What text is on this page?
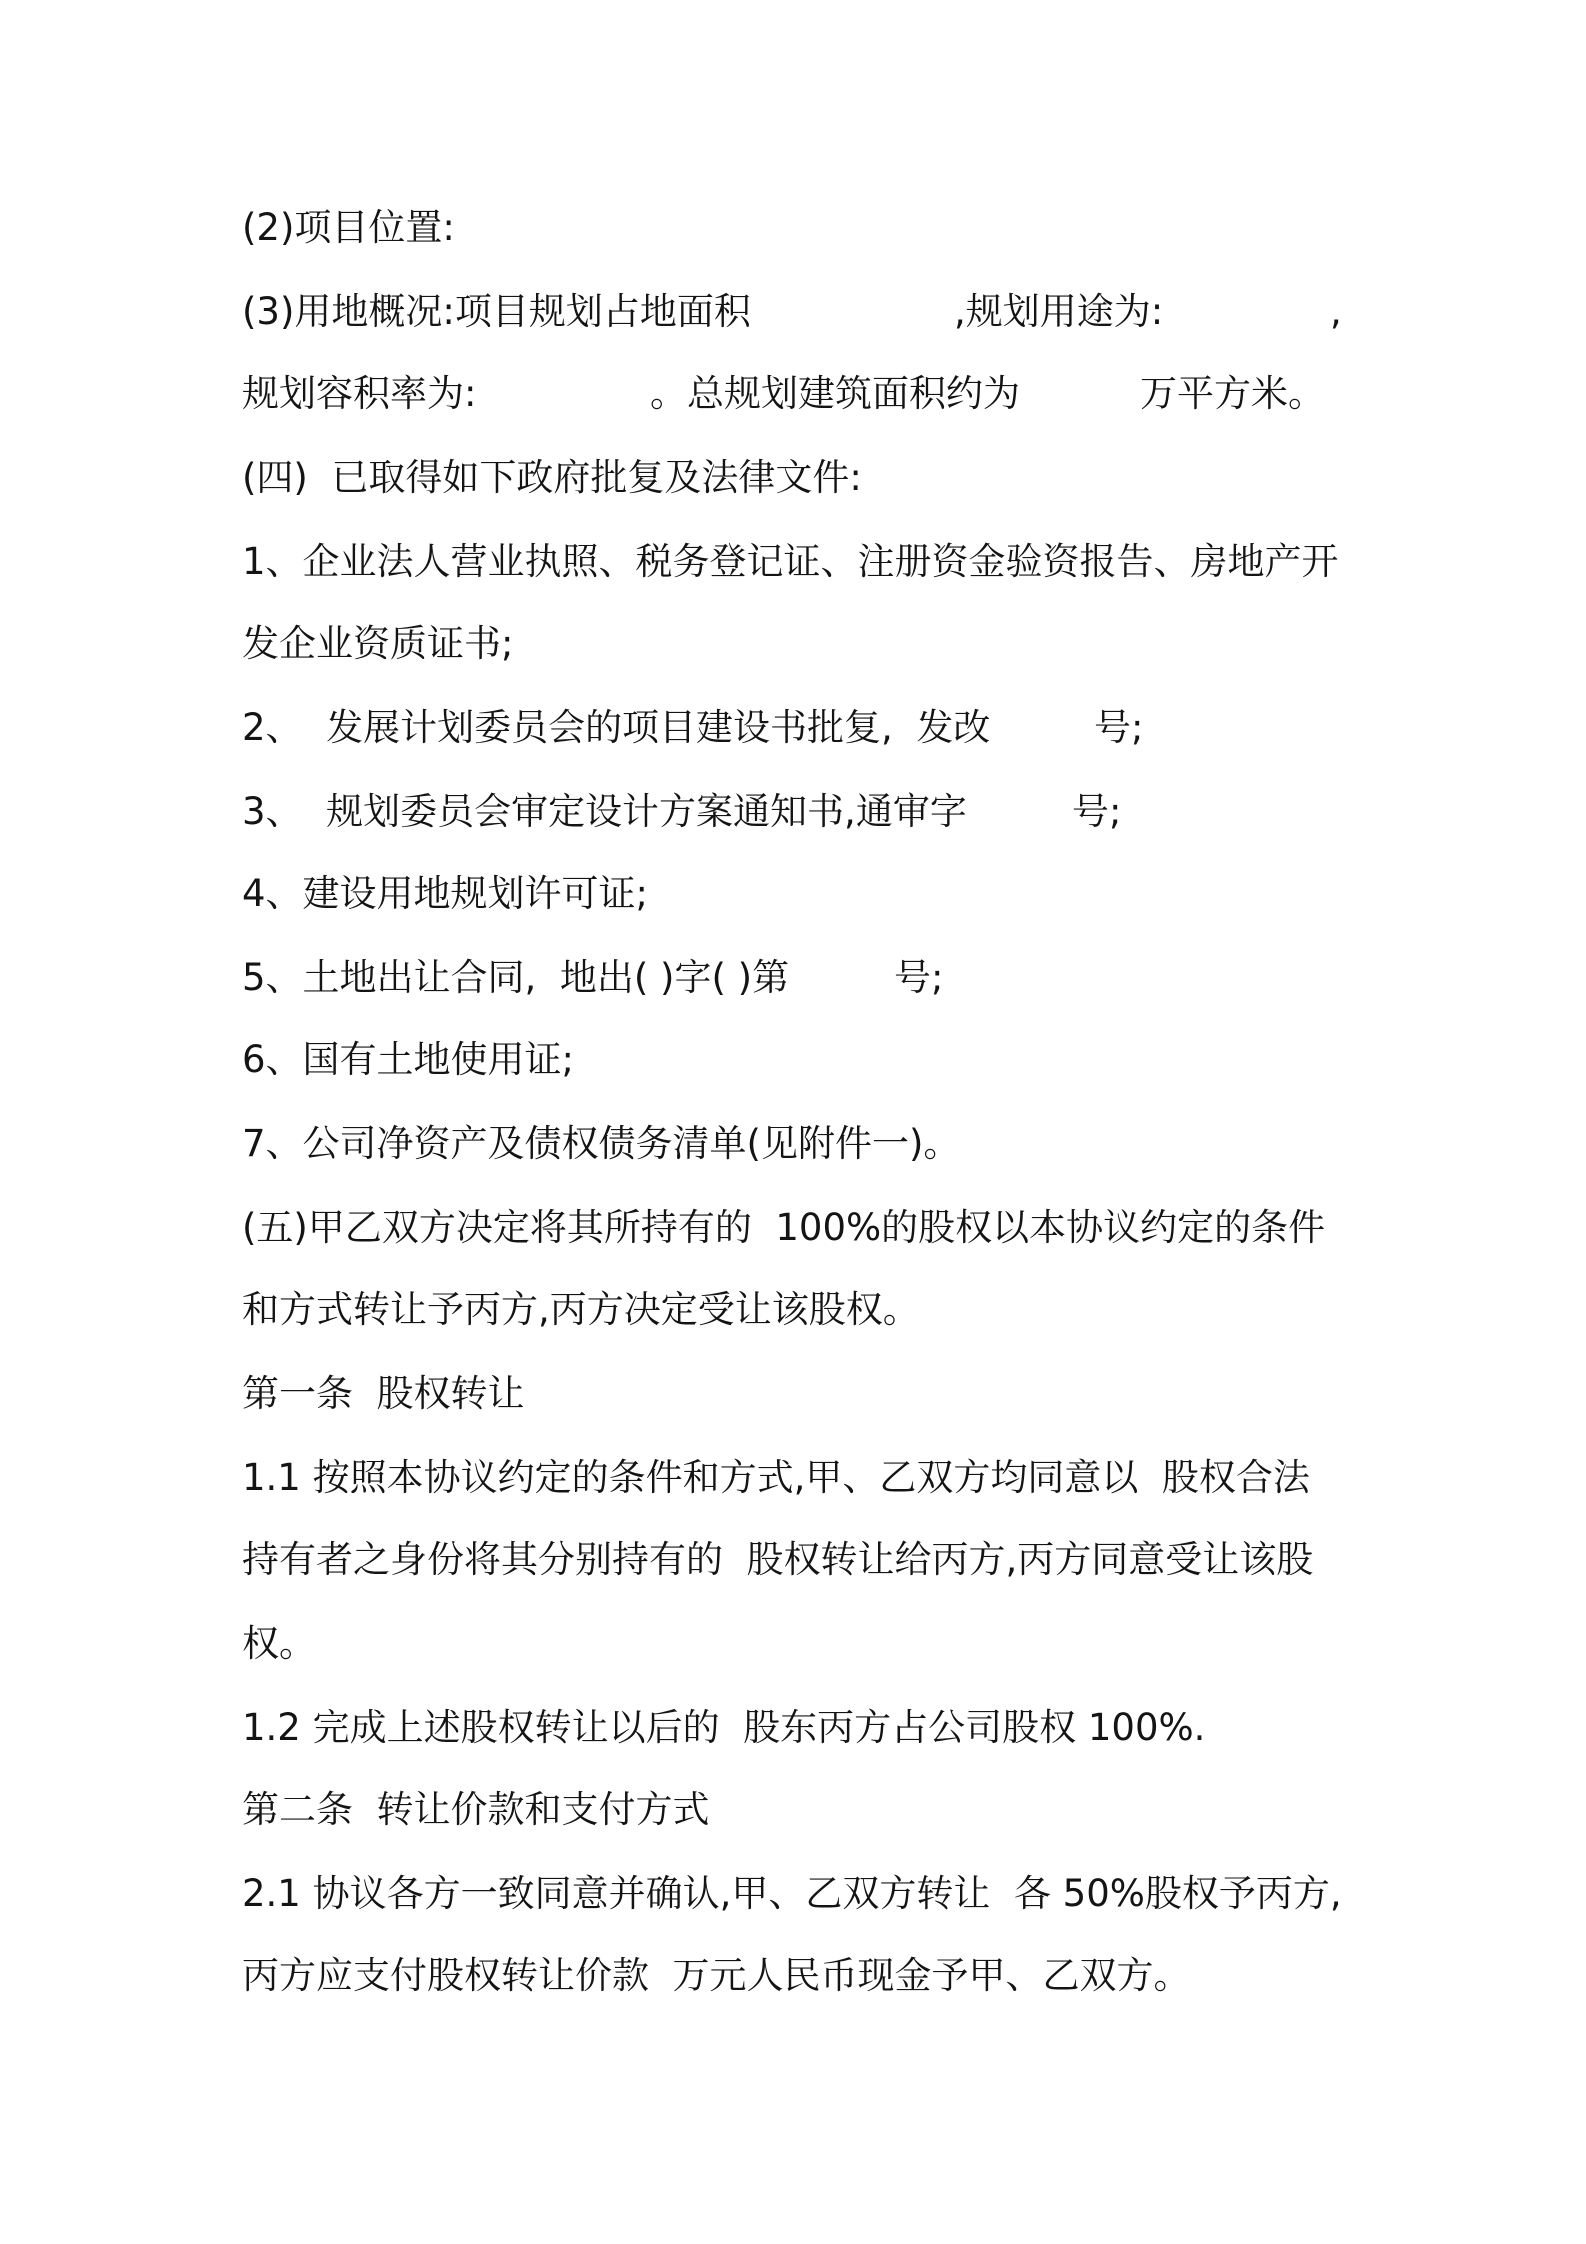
(2)项目位置:

(3)用地概况:项目规划占地面积

	,规划用途为:

	,

规划容积率为:

	。总规划建筑面积约为

	万平方米。

(四)  已取得如下政府批复及法律文件:

1、企业法人营业执照、税务登记证、注册资金验资报告、房地产开

发企业资质证书;

2、  发展计划委员会的项目建设书批复,  发改

	号;

3、  规划委员会审定设计方案通知书,通审字

	号;

4、建设用地规划许可证;

5、土地出让合同,  地出( )字( )第

	号;

6、国有土地使用证;

7、公司净资产及债权债务清单(见附件一)。

(五)甲乙双方决定将其所持有的  100%的股权以本协议约定的条件

和方式转让予丙方,丙方决定受让该股权。

第一条  股权转让

1.1 按照本协议约定的条件和方式,甲、乙双方均同意以  股权合法

持有者之身份将其分别持有的  股权转让给丙方,丙方同意受让该股

权。

1.2 完成上述股权转让以后的  股东丙方占公司股权 100%.

第二条  转让价款和支付方式

2.1 协议各方一致同意并确认,甲、乙双方转让  各 50%股权予丙方,

丙方应支付股权转让价款  万元人民币现金予甲、乙双方。
